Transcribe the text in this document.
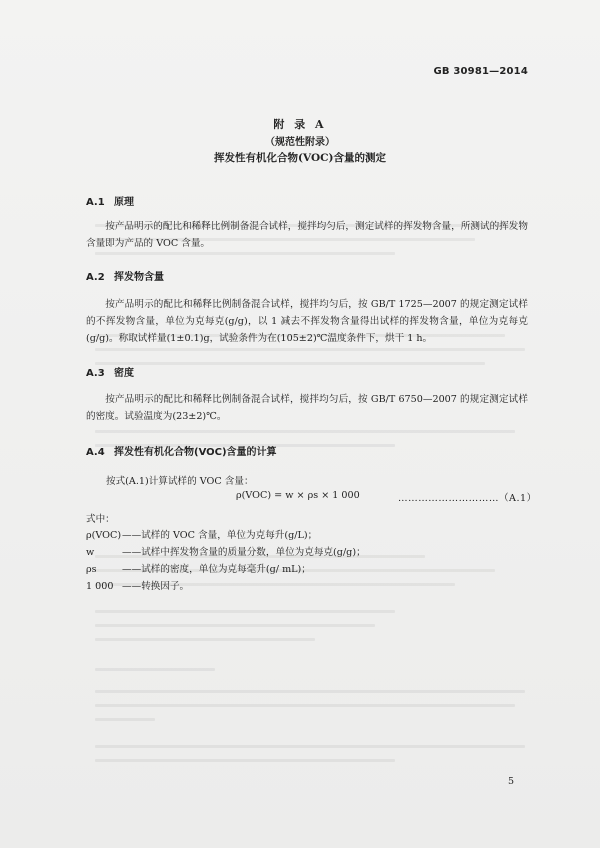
GB 30981—2014
附 录 A
（规范性附录）
挥发性有机化合物(VOC)含量的测定
A.1 原理
按产品明示的配比和稀释比例制备混合试样，搅拌均匀后，测定试样的挥发物含量，所测试的挥发物含量即为产品的 VOC 含量。
A.2 挥发物含量
按产品明示的配比和稀释比例制备混合试样，搅拌均匀后，按 GB/T 1725—2007 的规定测定试样的不挥发物含量，单位为克每克(g/g)，以 1 减去不挥发物含量得出试样的挥发物含量，单位为克每克(g/g)。称取试样量(1±0.1)g，试验条件为在(105±2)℃温度条件下，烘干 1 h。
A.3 密度
按产品明示的配比和稀释比例制备混合试样，搅拌均匀后，按 GB/T 6750—2007 的规定测定试样的密度。试验温度为(23±2)℃。
A.4 挥发性有机化合物(VOC)含量的计算
按式(A.1)计算试样的 VOC 含量：
ρ(VOC) = w × ρs × 1 000	…………………………（A.1）
式中：
ρ(VOC)——试样的 VOC 含量，单位为克每升(g/L)；
w	——试样中挥发物含量的质量分数，单位为克每克(g/g)；
ρs	——试样的密度，单位为克每毫升(g/ mL)；
1 000 ——转换因子。
5
